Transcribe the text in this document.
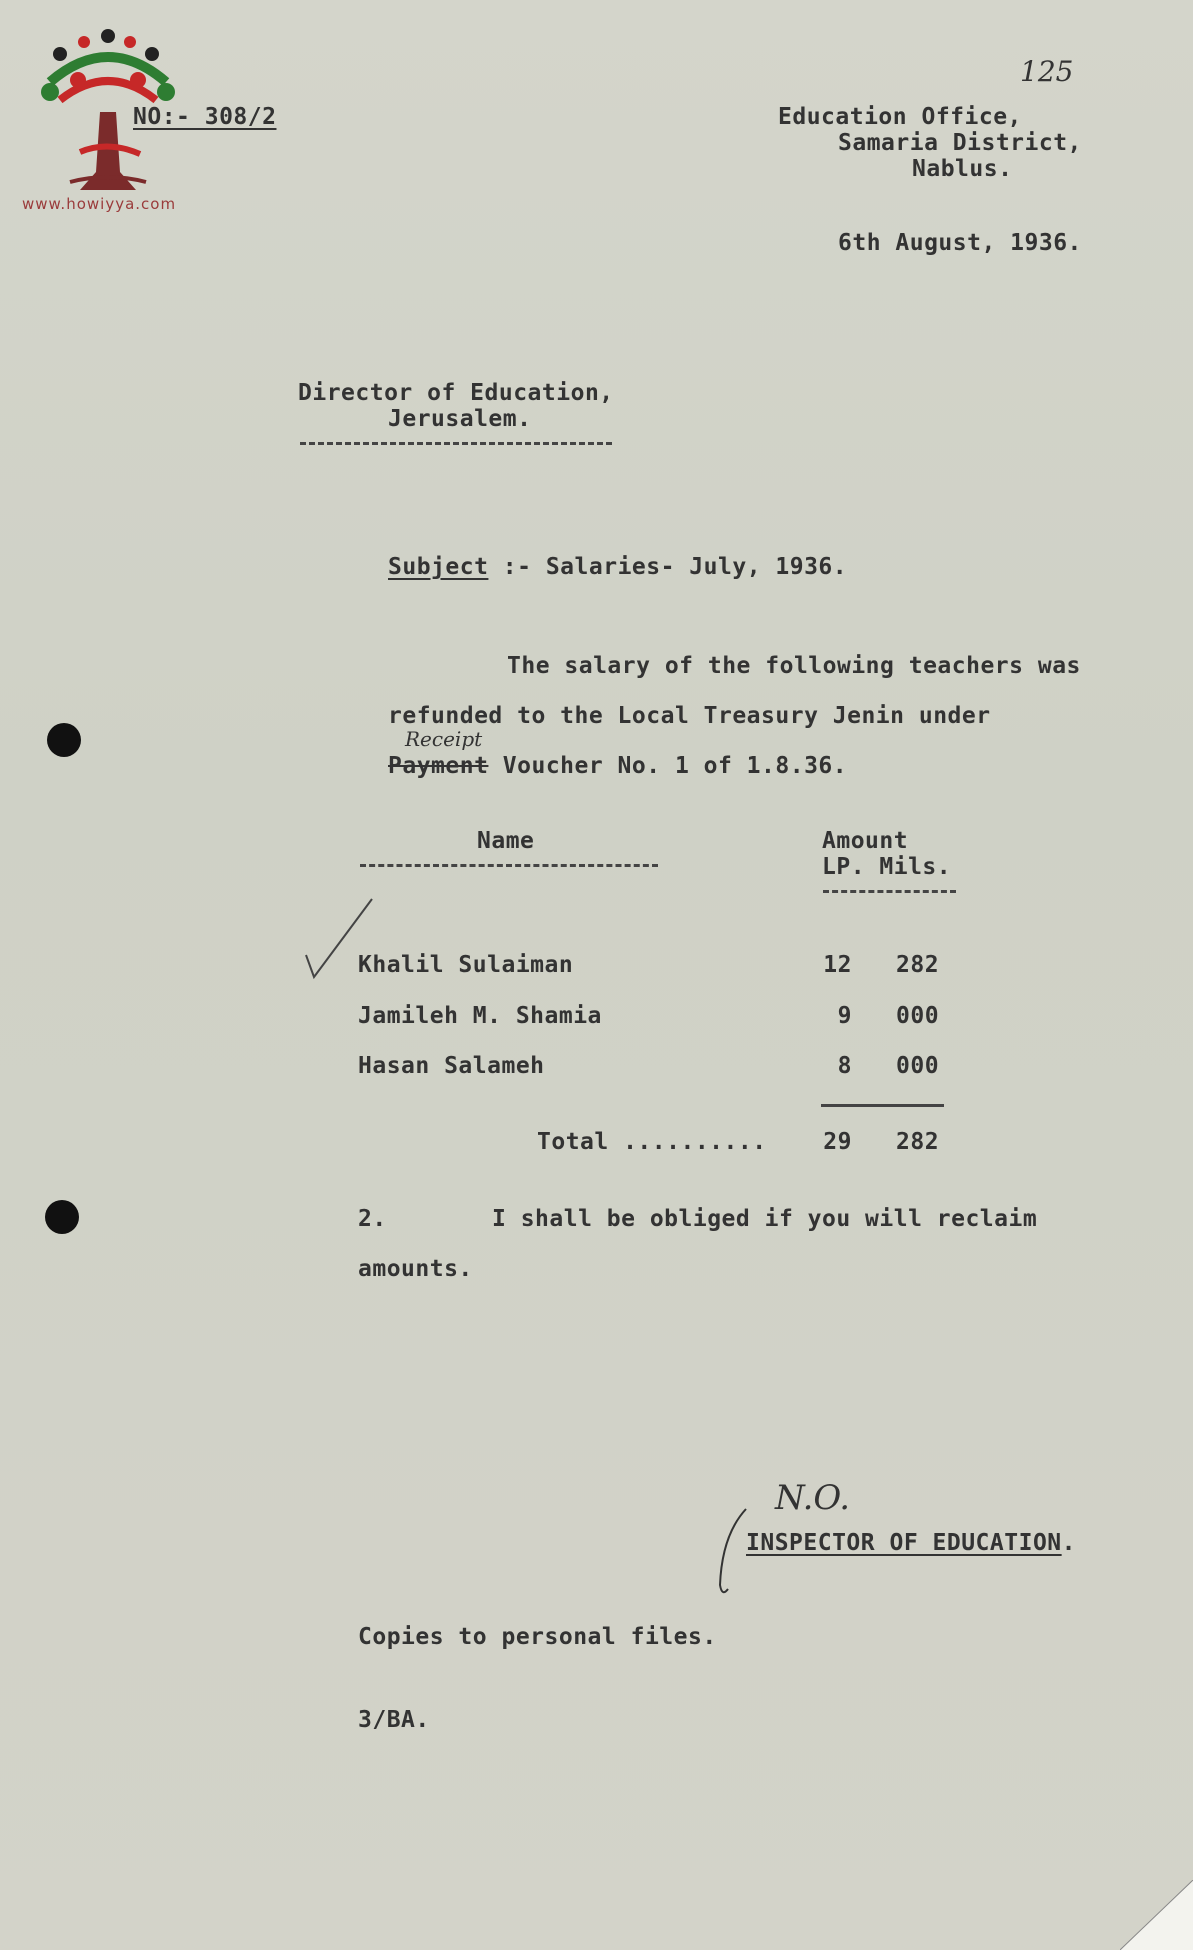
www.howiyya.com
NO:- 308/2
125
Education Office,
Samaria District,
Nablus.
6th August, 1936.
Director of Education,
Jerusalem.
Subject :- Salaries- July, 1936.
The salary of the following teachers was
refunded to the Local Treasury Jenin under
Receipt
Payment Voucher No. 1 of 1.8.36.
Name	Amount
LP. Mils.
Khalil Sulaiman	12 282
Jamileh M. Shamia	9 000
Hasan Salameh	8 000
Total ..........	29 282
2.	I shall be obliged if you will reclaim
amounts.
N.O.
INSPECTOR OF EDUCATION.
Copies to personal files.
3/BA.
